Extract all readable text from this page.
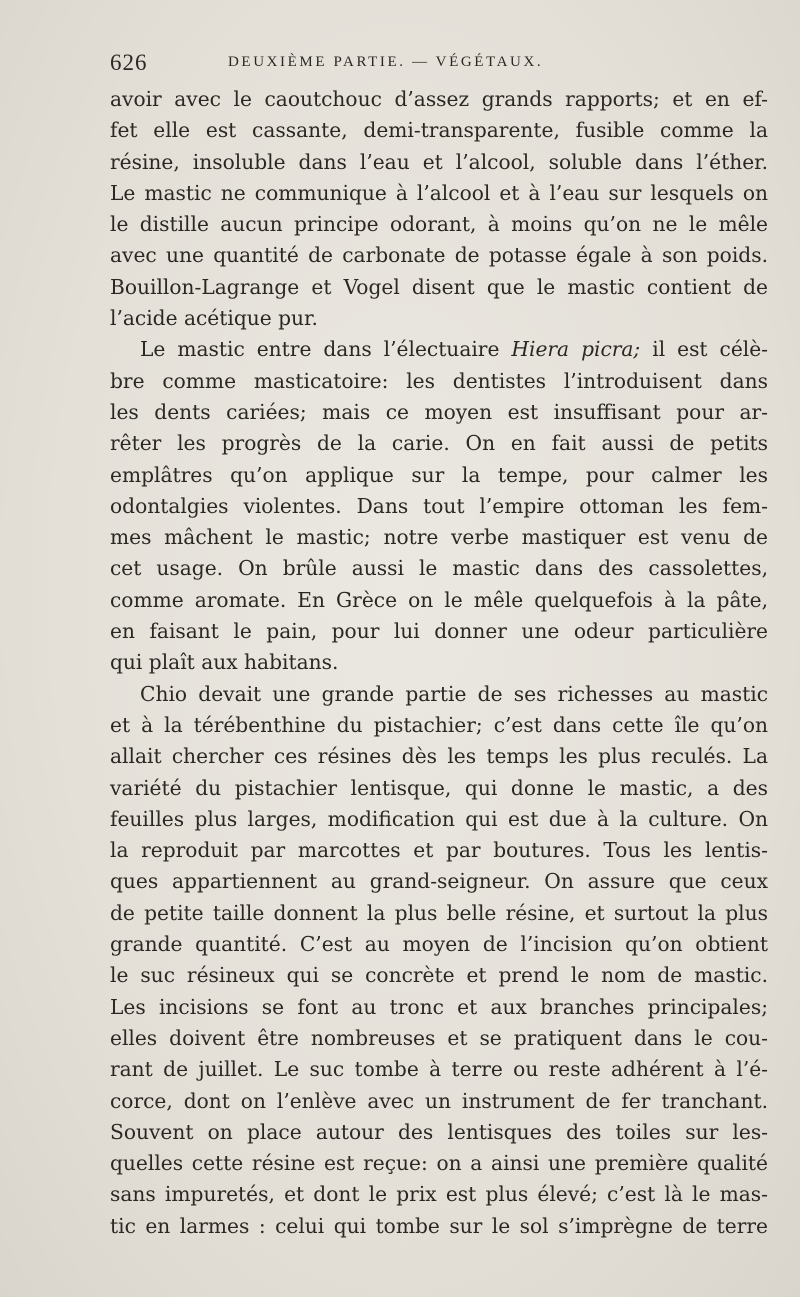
626	DEUXIÈME PARTIE. — VÉGÉTAUX.
avoir avec le caoutchouc d’assez grands rapports; et en ef-
fet elle est cassante, demi-transparente, fusible comme la
résine, insoluble dans l’eau et l’alcool, soluble dans l’éther.
Le mastic ne communique à l’alcool et à l’eau sur lesquels on
le distille aucun principe odorant, à moins qu’on ne le mêle
avec une quantité de carbonate de potasse égale à son poids.
Bouillon-Lagrange et Vogel disent que le mastic contient de
l’acide acétique pur.
Le mastic entre dans l’électuaire Hiera picra; il est célè-
bre comme masticatoire: les dentistes l’introduisent dans
les dents cariées; mais ce moyen est insuffisant pour ar-
rêter les progrès de la carie. On en fait aussi de petits
emplâtres qu’on applique sur la tempe, pour calmer les
odontalgies violentes. Dans tout l’empire ottoman les fem-
mes mâchent le mastic; notre verbe mastiquer est venu de
cet usage. On brûle aussi le mastic dans des cassolettes,
comme aromate. En Grèce on le mêle quelquefois à la pâte,
en faisant le pain, pour lui donner une odeur particulière
qui plaît aux habitans.
Chio devait une grande partie de ses richesses au mastic
et à la térébenthine du pistachier; c’est dans cette île qu’on
allait chercher ces résines dès les temps les plus reculés. La
variété du pistachier lentisque, qui donne le mastic, a des
feuilles plus larges, modification qui est due à la culture. On
la reproduit par marcottes et par boutures. Tous les lentis-
ques appartiennent au grand-seigneur. On assure que ceux
de petite taille donnent la plus belle résine, et surtout la plus
grande quantité. C’est au moyen de l’incision qu’on obtient
le suc résineux qui se concrète et prend le nom de mastic.
Les incisions se font au tronc et aux branches principales;
elles doivent être nombreuses et se pratiquent dans le cou-
rant de juillet. Le suc tombe à terre ou reste adhérent à l’é-
corce, dont on l’enlève avec un instrument de fer tranchant.
Souvent on place autour des lentisques des toiles sur les-
quelles cette résine est reçue: on a ainsi une première qualité
sans impuretés, et dont le prix est plus élevé; c’est là le mas-
tic en larmes : celui qui tombe sur le sol s’imprègne de terre
